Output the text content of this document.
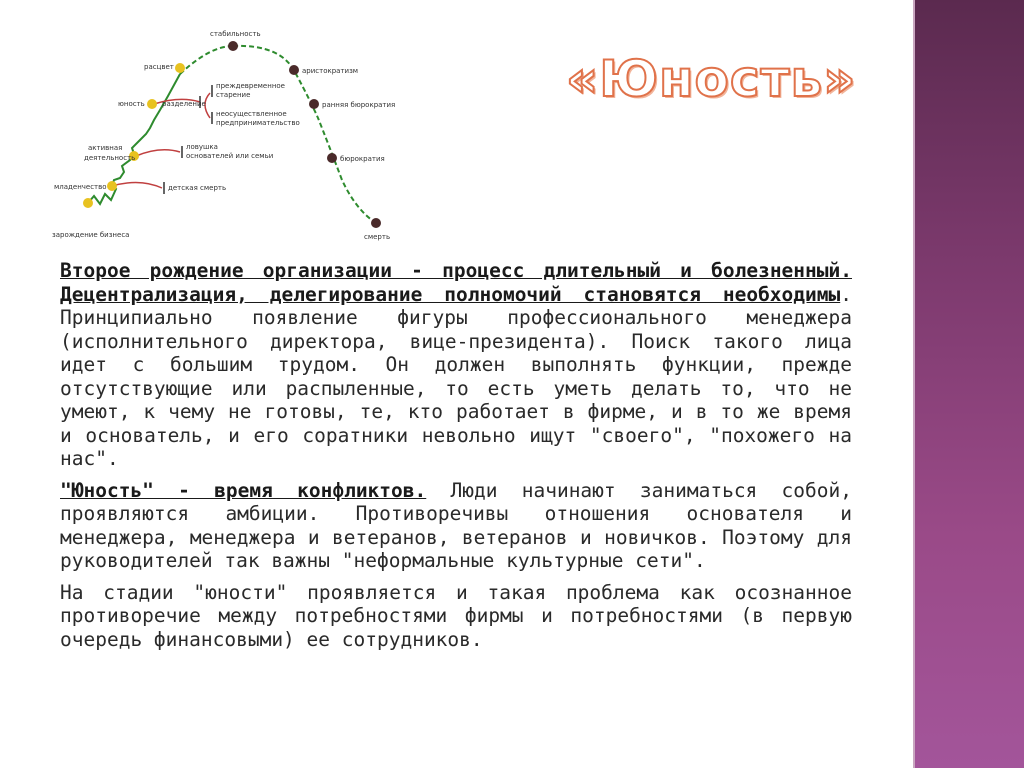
«Юность»
стабильность
расцвет
юность разделение
активная
деятельность
младенчество
зарождение бизнеса
аристократизм
ранняя бюрократия
бюрократия
смерть
преждевременное
старение
неосуществленное
предпринимательство
ловушка
основателей или семьи
детская смерть

Второе рождение организации - процесс длительный и болезненный. Децентрализация, делегирование полномочий становятся необходимы. Принципиально появление фигуры профессионального менеджера (исполнительного директора, вице-президента). Поиск такого лица идет с большим трудом. Он должен выполнять функции, прежде отсутствующие или распыленные, то есть уметь делать то, что не умеют, к чему не готовы, те, кто работает в фирме, и в то же время и основатель, и его соратники невольно ищут "своего", "похожего на нас".

"Юность" - время конфликтов. Люди начинают заниматься собой, проявляются амбиции. Противоречивы отношения основателя и менеджера, менеджера и ветеранов, ветеранов и новичков. Поэтому для руководителей так важны "неформальные культурные сети".

На стадии "юности" проявляется и такая проблема как осознанное противоречие между потребностями фирмы и потребностями (в первую очередь финансовыми) ее сотрудников.
